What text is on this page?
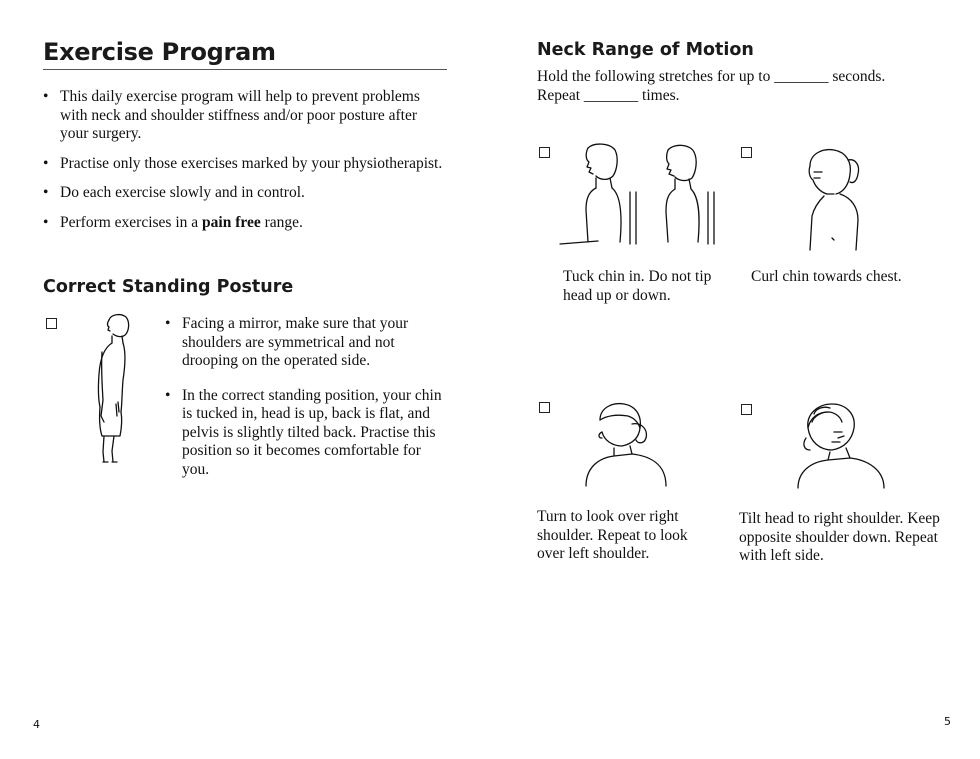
Exercise Program
• This daily exercise program will help to prevent problems with neck and shoulder stiffness and/or poor posture after your surgery.
• Practise only those exercises marked by your physiotherapist.
• Do each exercise slowly and in control.
• Perform exercises in a pain free range.
Correct Standing Posture
• Facing a mirror, make sure that your shoulders are symmetrical and not drooping on the operated side.
• In the correct standing position, your chin is tucked in, head is up, back is flat, and pelvis is slightly tilted back. Practise this position so it becomes comfortable for you.
4
Neck Range of Motion
Hold the following stretches for up to _______ seconds.
Repeat _______ times.
Tuck chin in. Do not tip head up or down.
Curl chin towards chest.
Turn to look over right shoulder. Repeat to look over left shoulder.
Tilt head to right shoulder. Keep opposite shoulder down. Repeat with left side.
5
